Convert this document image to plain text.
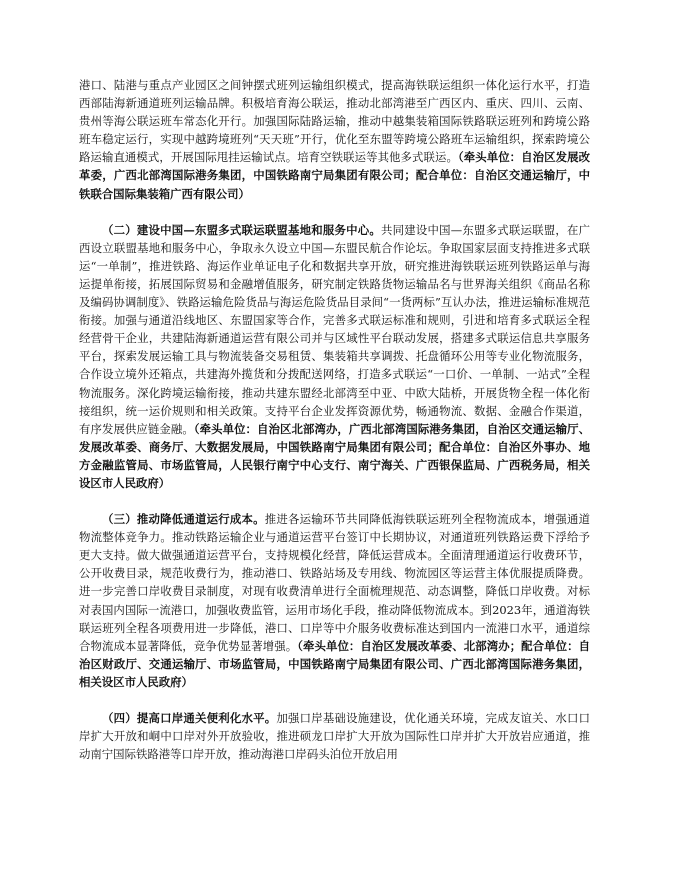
港口、陆港与重点产业园区之间钟摆式班列运输组织模式，提高海铁联运组织一体化运行水平，打造西部陆海新通道班列运输品牌。积极培育海公联运，推动北部湾港至广西区内、重庆、四川、云南、贵州等海公联运班车常态化开行。加强国际陆路运输，推动中越集装箱国际铁路联运班列和跨境公路班车稳定运行，实现中越跨境班列“天天班”开行，优化至东盟等跨境公路班车运输组织，探索跨境公路运输直通模式，开展国际甩挂运输试点。培育空铁联运等其他多式联运。（牵头单位：自治区发展改革委，广西北部湾国际港务集团，中国铁路南宁局集团有限公司；配合单位：自治区交通运输厅，中铁联合国际集装箱广西有限公司）

（二）建设中国—东盟多式联运联盟基地和服务中心。共同建设中国—东盟多式联运联盟，在广西设立联盟基地和服务中心，争取永久设立中国—东盟民航合作论坛。争取国家层面支持推进多式联运“一单制”，推进铁路、海运作业单证电子化和数据共享开放，研究推进海铁联运班列铁路运单与海运提单衔接，拓展国际贸易和金融增值服务，研究制定铁路货物运输品名与世界海关组织《商品名称及编码协调制度》、铁路运输危险货品与海运危险货品目录间“一货两标”互认办法，推进运输标准规范衔接。加强与通道沿线地区、东盟国家等合作，完善多式联运标准和规则，引进和培育多式联运全程经营骨干企业，共建陆海新通道运营有限公司并与区域性平台联动发展，搭建多式联运信息共享服务平台，探索发展运输工具与物流装备交易租赁、集装箱共享调拨、托盘循环公用等专业化物流服务，合作设立境外还箱点，共建海外揽货和分拨配送网络，打造多式联运“一口价、一单制、一站式”全程物流服务。深化跨境运输衔接，推动共建东盟经北部湾至中亚、中欧大陆桥，开展货物全程一体化衔接组织，统一运价规则和相关政策。支持平台企业发挥资源优势，畅通物流、数据、金融合作渠道，有序发展供应链金融。（牵头单位：自治区北部湾办，广西北部湾国际港务集团，自治区交通运输厅、发展改革委、商务厅、大数据发展局，中国铁路南宁局集团有限公司；配合单位：自治区外事办、地方金融监管局、市场监管局，人民银行南宁中心支行、南宁海关、广西银保监局、广西税务局，相关设区市人民政府）

（三）推动降低通道运行成本。推进各运输环节共同降低海铁联运班列全程物流成本，增强通道物流整体竞争力。推动铁路运输企业与通道运营平台签订中长期协议，对通道班列铁路运费下浮给予更大支持。做大做强通道运营平台，支持规模化经营，降低运营成本。全面清理通道运行收费环节，公开收费目录，规范收费行为，推动港口、铁路站场及专用线、物流园区等运营主体优服提质降费。进一步完善口岸收费目录制度，对现有收费清单进行全面梳理规范、动态调整，降低口岸收费。对标对表国内国际一流港口，加强收费监管，运用市场化手段，推动降低物流成本。到2023年，通道海铁联运班列全程各项费用进一步降低，港口、口岸等中介服务收费标准达到国内一流港口水平，通道综合物流成本显著降低，竞争优势显著增强。（牵头单位：自治区发展改革委、北部湾办；配合单位：自治区财政厅、交通运输厅、市场监管局，中国铁路南宁局集团有限公司、广西北部湾国际港务集团，相关设区市人民政府）

（四）提高口岸通关便利化水平。加强口岸基础设施建设，优化通关环境，完成友谊关、水口口岸扩大开放和峒中口岸对外开放验收，推进硕龙口岸扩大开放为国际性口岸并扩大开放岩应通道，推动南宁国际铁路港等口岸开放，推动海港口岸码头泊位开放启用
